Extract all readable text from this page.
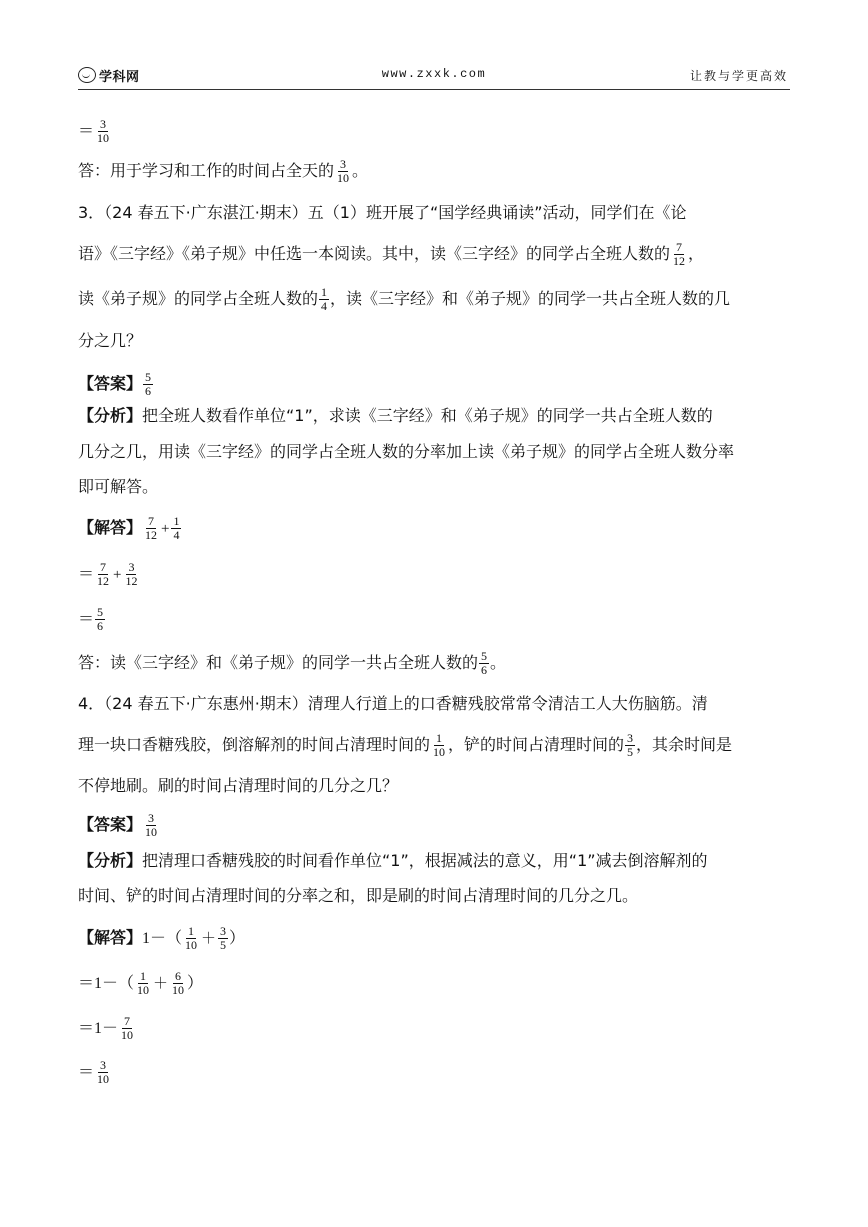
学科网	www.zxxk.com	让教与学更高效
＝ $\frac{3}{10}$
答：用于学习和工作的时间占全天的 $\frac{3}{10}$ 。
3．（24 春五下·广东湛江·期末）五（1）班开展了“国学经典诵读”活动，同学们在《论
语》《三字经》《弟子规》中任选一本阅读。其中，读《三字经》的同学占全班人数的 $\frac{7}{12}$ ，
读《弟子规》的同学占全班人数的 $\frac{1}{4}$ ，读《三字经》和《弟子规》的同学一共占全班人数的几
分之几？
【答案】 $\frac{5}{6}$
【分析】把全班人数看作单位“1”，求读《三字经》和《弟子规》的同学一共占全班人数的
几分之几，用读《三字经》的同学占全班人数的分率加上读《弟子规》的同学占全班人数分率
即可解答。
【解答】 $\frac{7}{12} + \frac{1}{4}$
＝ $\frac{7}{12} + \frac{3}{12}$
＝ $\frac{5}{6}$
答：读《三字经》和《弟子规》的同学一共占全班人数的 $\frac{5}{6}$ 。
4．（24 春五下·广东惠州·期末）清理人行道上的口香糖残胶常常令清洁工人大伤脑筋。清
理一块口香糖残胶，倒溶解剂的时间占清理时间的 $\frac{1}{10}$ ，铲的时间占清理时间的 $\frac{3}{5}$ ，其余时间是
不停地刷。刷的时间占清理时间的几分之几？
【答案】 $\frac{3}{10}$
【分析】把清理口香糖残胶的时间看作单位“1”，根据减法的意义，用“1”减去倒溶解剂的
时间、铲的时间占清理时间的分率之和，即是刷的时间占清理时间的几分之几。
【解答】$1-( \frac{1}{10} + \frac{3}{5}$ ）
$=1-( \frac{1}{10} + \frac{6}{10}$ ）
$=1- \frac{7}{10}$
＝ $\frac{3}{10}$
